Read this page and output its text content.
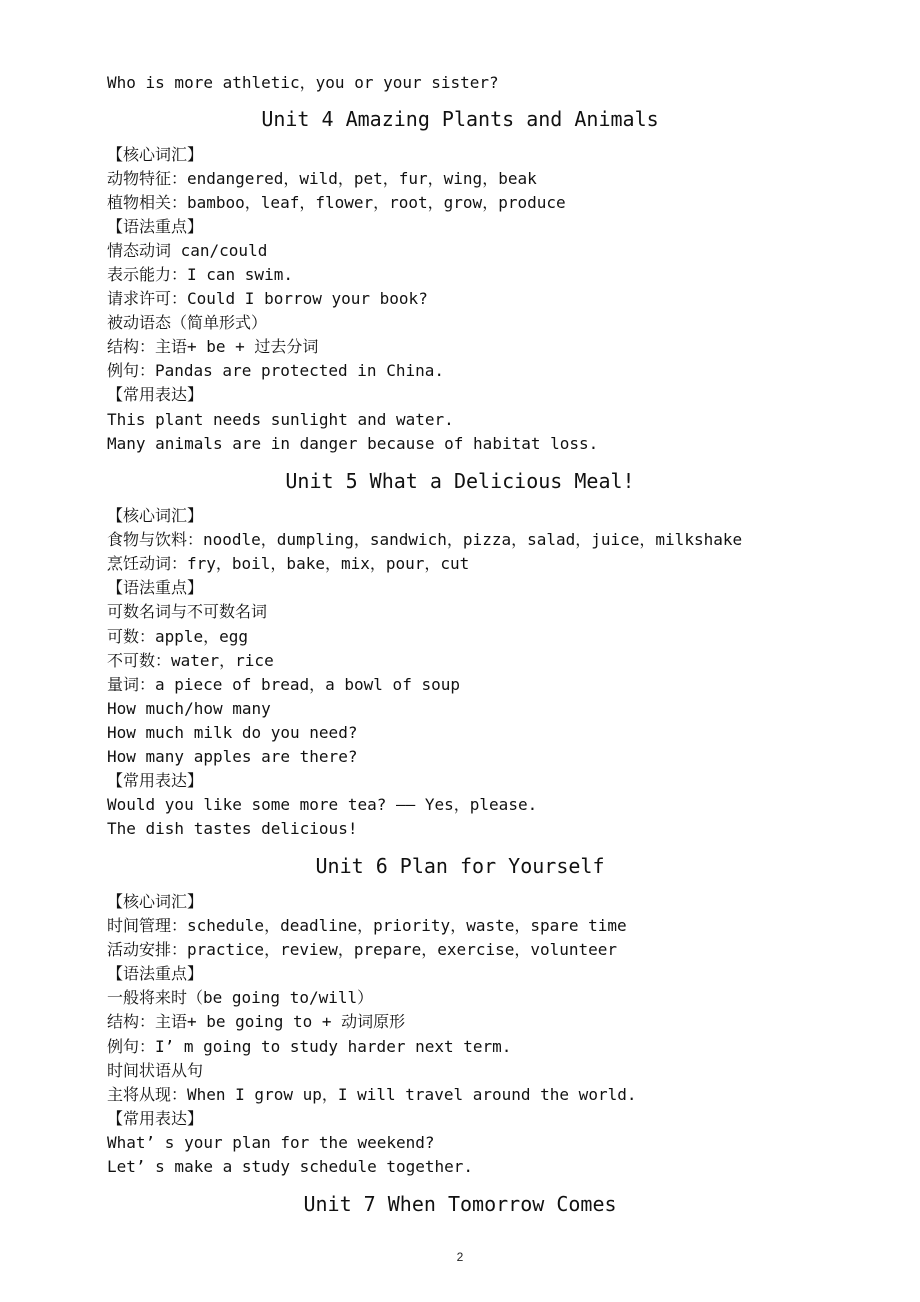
Who is more athletic，you or your sister?
Unit 4 Amazing Plants and Animals
【核心词汇】
动物特征：endangered，wild，pet，fur，wing，beak
植物相关：bamboo，leaf，flower，root，grow，produce
【语法重点】
情态动词 can/could
表示能力：I can swim.
请求许可：Could I borrow your book?
被动语态（简单形式）
结构：主语+ be + 过去分词
例句：Pandas are protected in China.
【常用表达】
This plant needs sunlight and water.
Many animals are in danger because of habitat loss.
Unit 5 What a Delicious Meal!
【核心词汇】
食物与饮料：noodle，dumpling，sandwich，pizza，salad，juice，milkshake
烹饪动词：fry，boil，bake，mix，pour，cut
【语法重点】
可数名词与不可数名词
可数：apple，egg
不可数：water，rice
量词：a piece of bread，a bowl of soup
How much/how many
How much milk do you need?
How many apples are there?
【常用表达】
Would you like some more tea? —— Yes，please.
The dish tastes delicious!
Unit 6 Plan for Yourself
【核心词汇】
时间管理：schedule，deadline，priority，waste，spare time
活动安排：practice，review，prepare，exercise，volunteer
【语法重点】
一般将来时（be going to/will）
结构：主语+ be going to + 动词原形
例句：I’ m going to study harder next term.
时间状语从句
主将从现：When I grow up，I will travel around the world.
【常用表达】
What’ s your plan for the weekend?
Let’ s make a study schedule together.
Unit 7 When Tomorrow Comes
2
